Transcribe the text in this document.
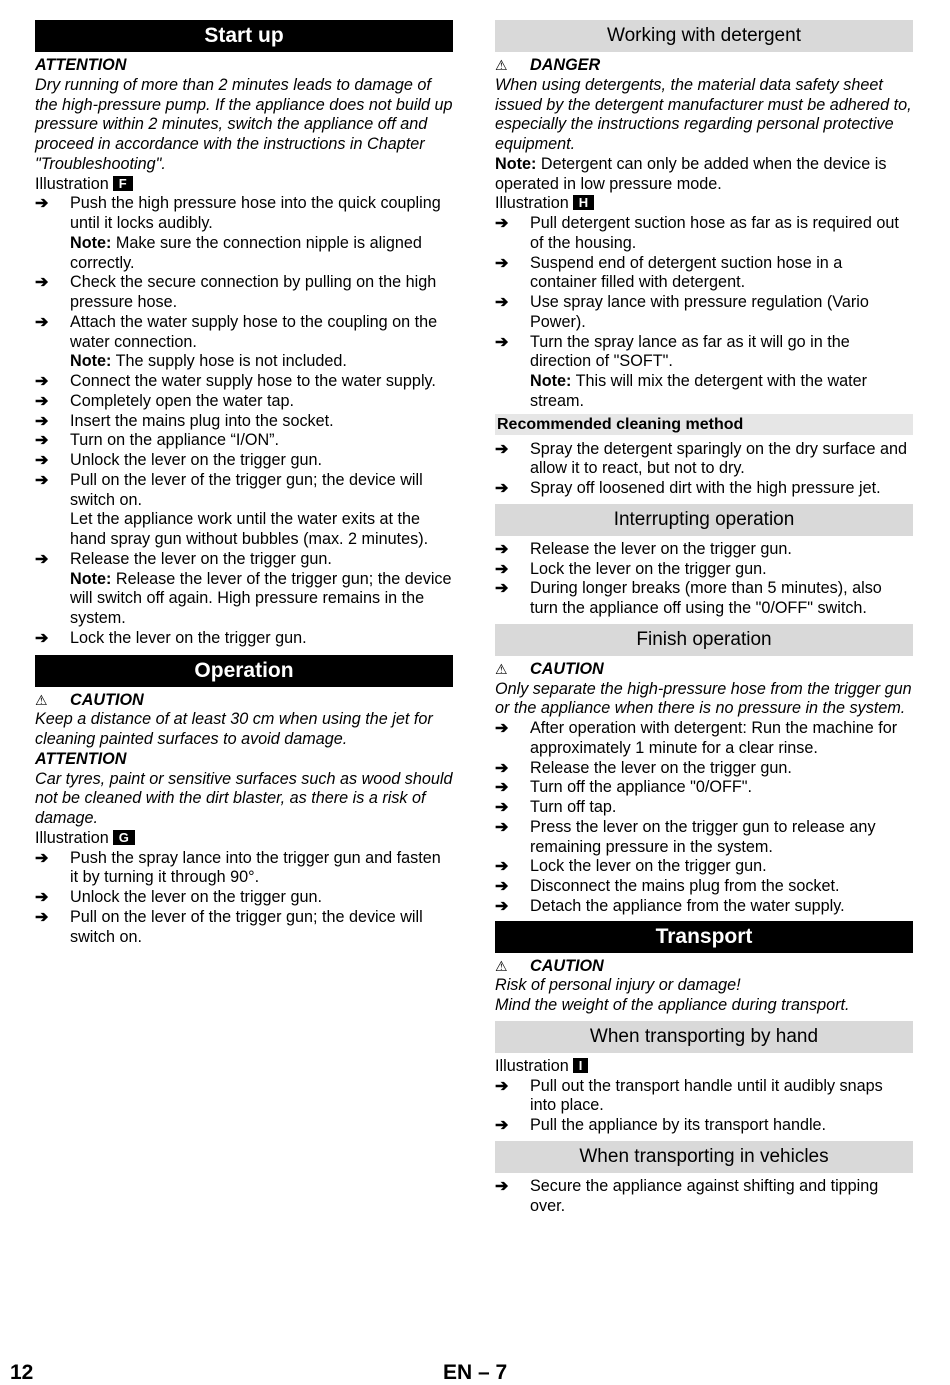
Start up
ATTENTION
Dry running of more than 2 minutes leads to damage of the high-pressure pump. If the appliance does not build up pressure within 2 minutes, switch the appliance off and proceed in accordance with the instructions in Chapter "Troubleshooting".
Illustration F
➔ Push the high pressure hose into the quick coupling until it locks audibly.
Note: Make sure the connection nipple is aligned correctly.
➔ Check the secure connection by pulling on the high pressure hose.
➔ Attach the water supply hose to the coupling on the water connection.
Note: The supply hose is not included.
➔ Connect the water supply hose to the water supply.
➔ Completely open the water tap.
➔ Insert the mains plug into the socket.
➔ Turn on the appliance “I/ON”.
➔ Unlock the lever on the trigger gun.
➔ Pull on the lever of the trigger gun; the device will switch on.
Let the appliance work until the water exits at the hand spray gun without bubbles (max. 2 minutes).
➔ Release the lever on the trigger gun.
Note: Release the lever of the trigger gun; the device will switch off again. High pressure remains in the system.
➔ Lock the lever on the trigger gun.
Operation
⚠ CAUTION
Keep a distance of at least 30 cm when using the jet for cleaning painted surfaces to avoid damage.
ATTENTION
Car tyres, paint or sensitive surfaces such as wood should not be cleaned with the dirt blaster, as there is a risk of damage.
Illustration G
➔ Push the spray lance into the trigger gun and fasten it by turning it through 90°.
➔ Unlock the lever on the trigger gun.
➔ Pull on the lever of the trigger gun; the device will switch on.
Working with detergent
⚠ DANGER
When using detergents, the material data safety sheet issued by the detergent manufacturer must be adhered to, especially the instructions regarding personal protective equipment.
Note: Detergent can only be added when the device is operated in low pressure mode.
Illustration H
➔ Pull detergent suction hose as far as is required out of the housing.
➔ Suspend end of detergent suction hose in a container filled with detergent.
➔ Use spray lance with pressure regulation (Vario Power).
➔ Turn the spray lance as far as it will go in the direction of "SOFT".
Note: This will mix the detergent with the water stream.
Recommended cleaning method
➔ Spray the detergent sparingly on the dry surface and allow it to react, but not to dry.
➔ Spray off loosened dirt with the high pressure jet.
Interrupting operation
➔ Release the lever on the trigger gun.
➔ Lock the lever on the trigger gun.
➔ During longer breaks (more than 5 minutes), also turn the appliance off using the "0/OFF" switch.
Finish operation
⚠ CAUTION
Only separate the high-pressure hose from the trigger gun or the appliance when there is no pressure in the system.
➔ After operation with detergent: Run the machine for approximately 1 minute for a clear rinse.
➔ Release the lever on the trigger gun.
➔ Turn off the appliance "0/OFF".
➔ Turn off tap.
➔ Press the lever on the trigger gun to release any remaining pressure in the system.
➔ Lock the lever on the trigger gun.
➔ Disconnect the mains plug from the socket.
➔ Detach the appliance from the water supply.
Transport
⚠ CAUTION
Risk of personal injury or damage!
Mind the weight of the appliance during transport.
When transporting by hand
Illustration I
➔ Pull out the transport handle until it audibly snaps into place.
➔ Pull the appliance by its transport handle.
When transporting in vehicles
➔ Secure the appliance against shifting and tipping over.
12	EN – 7
